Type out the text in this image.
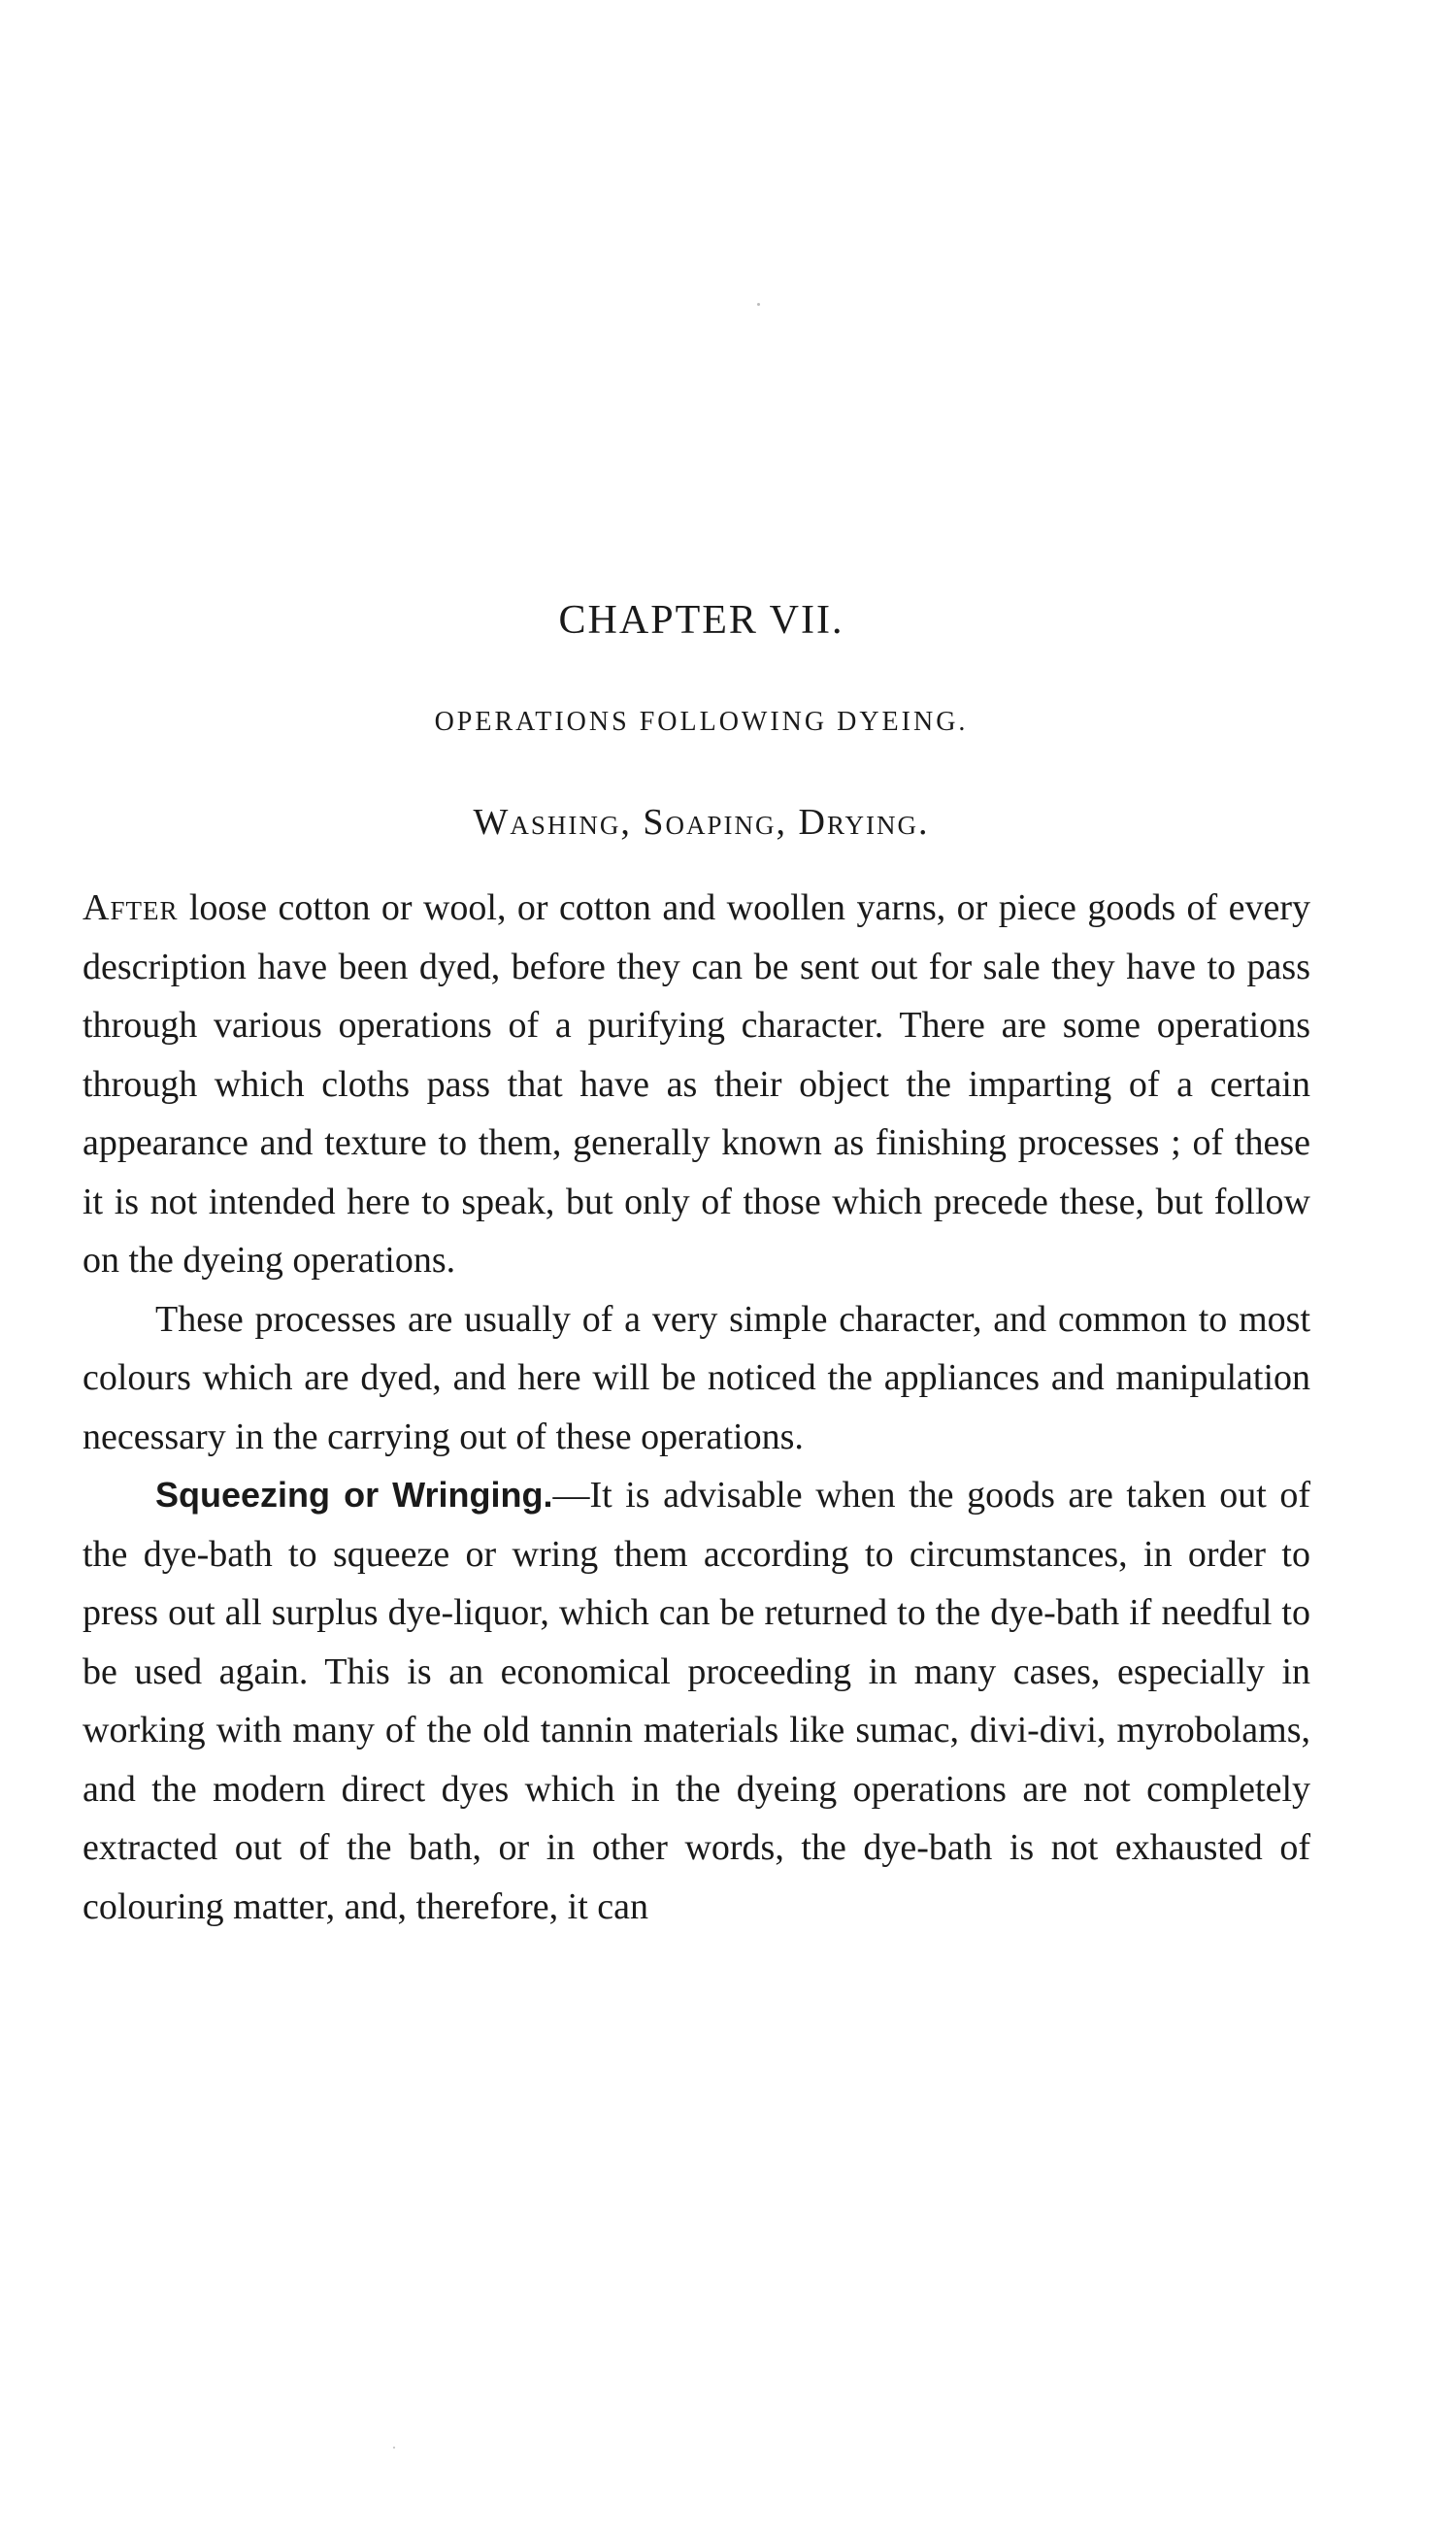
CHAPTER VII.
OPERATIONS FOLLOWING DYEING.
Washing, Soaping, Drying.

After loose cotton or wool, or cotton and woollen yarns, or piece goods of every description have been dyed, before they can be sent out for sale they have to pass through various operations of a purifying character. There are some operations through which cloths pass that have as their object the imparting of a certain appearance and texture to them, generally known as finishing processes ; of these it is not intended here to speak, but only of those which precede these, but follow on the dyeing operations.

These processes are usually of a very simple character, and common to most colours which are dyed, and here will be noticed the appliances and manipulation necessary in the carrying out of these operations.

Squeezing or Wringing.—It is advisable when the goods are taken out of the dye-bath to squeeze or wring them according to circumstances, in order to press out all surplus dye-liquor, which can be returned to the dye-bath if needful to be used again. This is an economical proceeding in many cases, especially in working with many of the old tannin materials like sumac, divi-divi, myrobolams, and the modern direct dyes which in the dyeing operations are not completely extracted out of the bath, or in other words, the dye-bath is not exhausted of colouring matter, and, therefore, it can
